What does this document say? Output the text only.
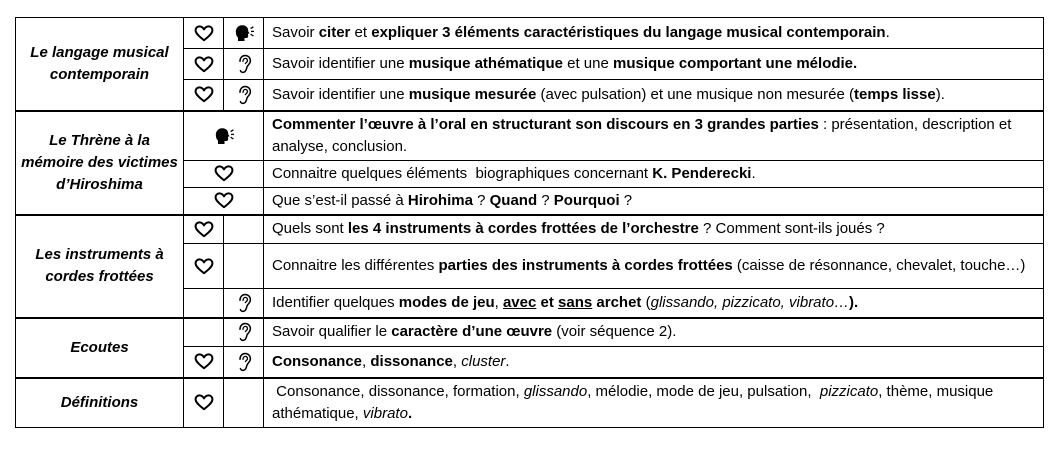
Le langage musical contemporain			Savoir citer et expliquer 3 éléments caractéristiques du langage musical contemporain.
		Savoir identifier une musique athématique et une musique comportant une mélodie.
		Savoir identifier une musique mesurée (avec pulsation) et une musique non mesurée (temps lisse).
Le Thrène à la mémoire des victimes d’Hiroshima			Commenter l’œuvre à l’oral en structurant son discours en 3 grandes parties : présentation, description et analyse, conclusion.
	Connaitre quelques éléments  biographiques concernant K. Penderecki.
	Que s’est-il passé à Hirohima ? Quand ? Pourquoi ?
Les instruments à cordes frottées			Quels sont les 4 instruments à cordes frottées de l’orchestre ? Comment sont-ils joués ?
		Connaitre les différentes parties des instruments à cordes frottées (caisse de résonnance, chevalet, touche…)
		Identifier quelques modes de jeu, avec et sans archet (glissando, pizzicato, vibrato…).
Ecoutes			Savoir qualifier le caractère d’une œuvre (voir séquence 2).
		Consonance, dissonance, cluster.
Définitions			Consonance, dissonance, formation, glissando, mélodie, mode de jeu, pulsation,  pizzicato, thème, musique athématique, vibrato.
